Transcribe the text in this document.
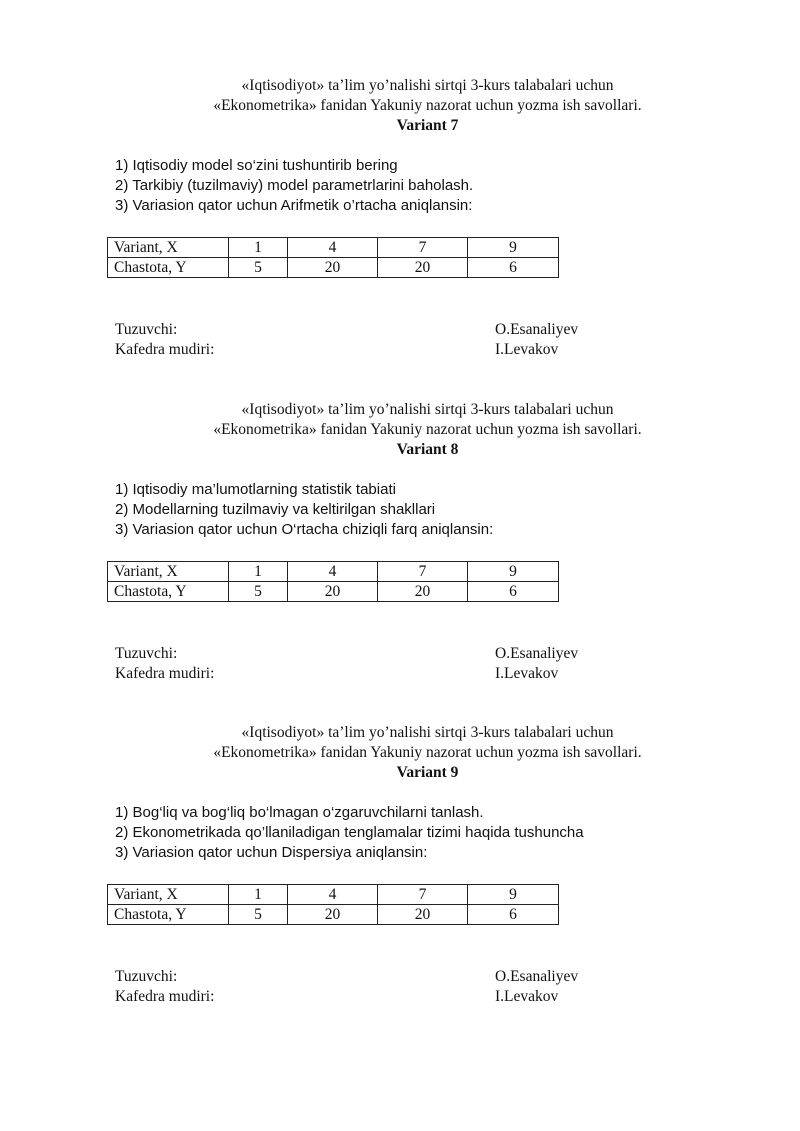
«Iqtisodiyot» ta’lim yo’nalishi sirtqi 3-kurs talabalari uchun
«Ekonometrika» fanidan Yakuniy nazorat uchun yozma ish savollari.
Variant 7
1) Iqtisodiy model so‘zini tushuntirib bering
2) Tarkibiy (tuzilmaviy) model parametrlarini baholash.
3) Variasion qator uchun Arifmetik o’rtacha aniqlansin:
Variant, X	1	4	7	9
Chastota, Y	5	20	20	6
Tuzuvchi:	O.Esanaliyev
Kafedra mudiri:	I.Levakov
«Iqtisodiyot» ta’lim yo’nalishi sirtqi 3-kurs talabalari uchun
«Ekonometrika» fanidan Yakuniy nazorat uchun yozma ish savollari.
Variant 8
1) Iqtisodiy ma’lumotlarning statistik tabiati
2) Modellarning tuzilmaviy va keltirilgan shakllari
3) Variasion qator uchun O‘rtacha chiziqli farq aniqlansin:
Variant, X	1	4	7	9
Chastota, Y	5	20	20	6
Tuzuvchi:	O.Esanaliyev
Kafedra mudiri:	I.Levakov
«Iqtisodiyot» ta’lim yo’nalishi sirtqi 3-kurs talabalari uchun
«Ekonometrika» fanidan Yakuniy nazorat uchun yozma ish savollari.
Variant 9
1) Bog‘liq va bog‘liq bo‘lmagan o‘zgaruvchilarni tanlash.
2) Ekonometrikada qo’llaniladigan tenglamalar tizimi haqida tushuncha
3) Variasion qator uchun Dispersiya aniqlansin:
Variant, X	1	4	7	9
Chastota, Y	5	20	20	6
Tuzuvchi:	O.Esanaliyev
Kafedra mudiri:	I.Levakov
